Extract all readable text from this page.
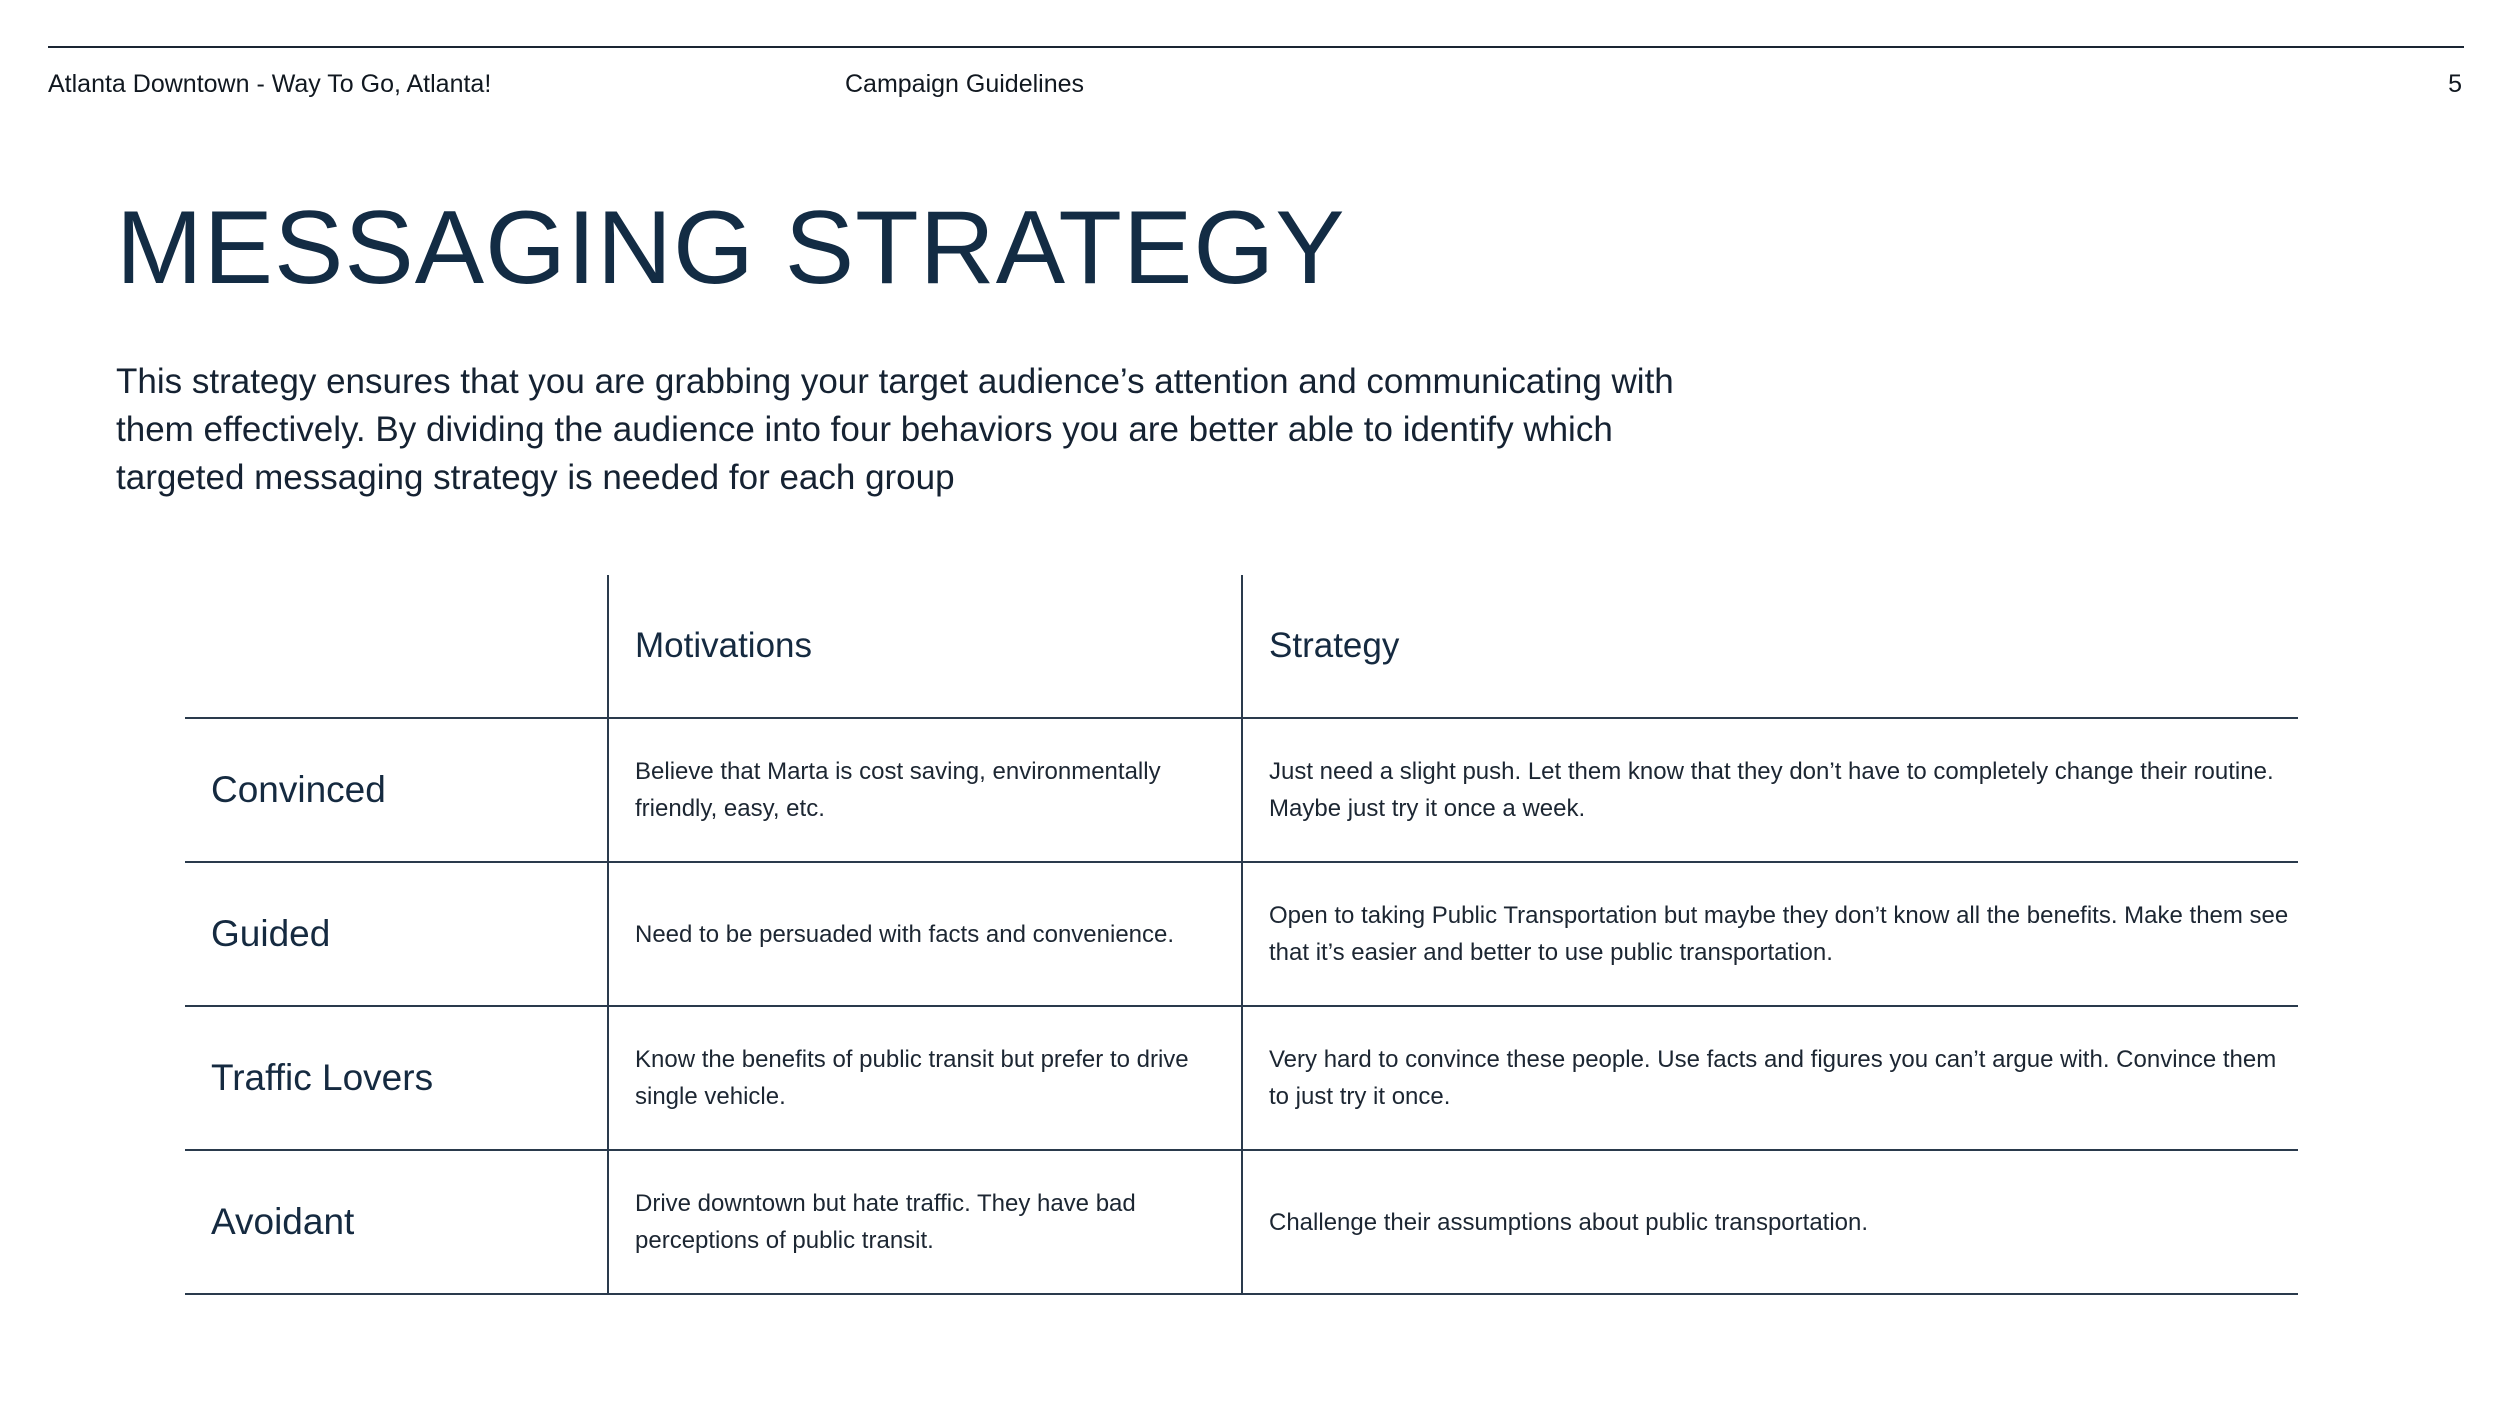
Atlanta Downtown - Way To Go, Atlanta!	Campaign Guidelines	5
MESSAGING STRATEGY

This strategy ensures that you are grabbing your target audience’s attention and communicating with them effectively. By dividing the audience into four behaviors you are better able to identify which targeted messaging strategy is needed for each group

	Motivations	Strategy
Convinced	Believe that Marta is cost saving, environmentally friendly, easy, etc.	Just need a slight push. Let them know that they don’t have to completely change their routine. Maybe just try it once a week.
Guided	Need to be persuaded with facts and convenience.	Open to taking Public Transportation but maybe they don’t know all the benefits. Make them see that it’s easier and better to use public transportation.
Traffic Lovers	Know the benefits of public transit but prefer to drive single vehicle.	Very hard to convince these people. Use facts and figures you can’t argue with. Convince them to just try it once.
Avoidant	Drive downtown but hate traffic. They have bad perceptions of public transit.	Challenge their assumptions about public transportation.
